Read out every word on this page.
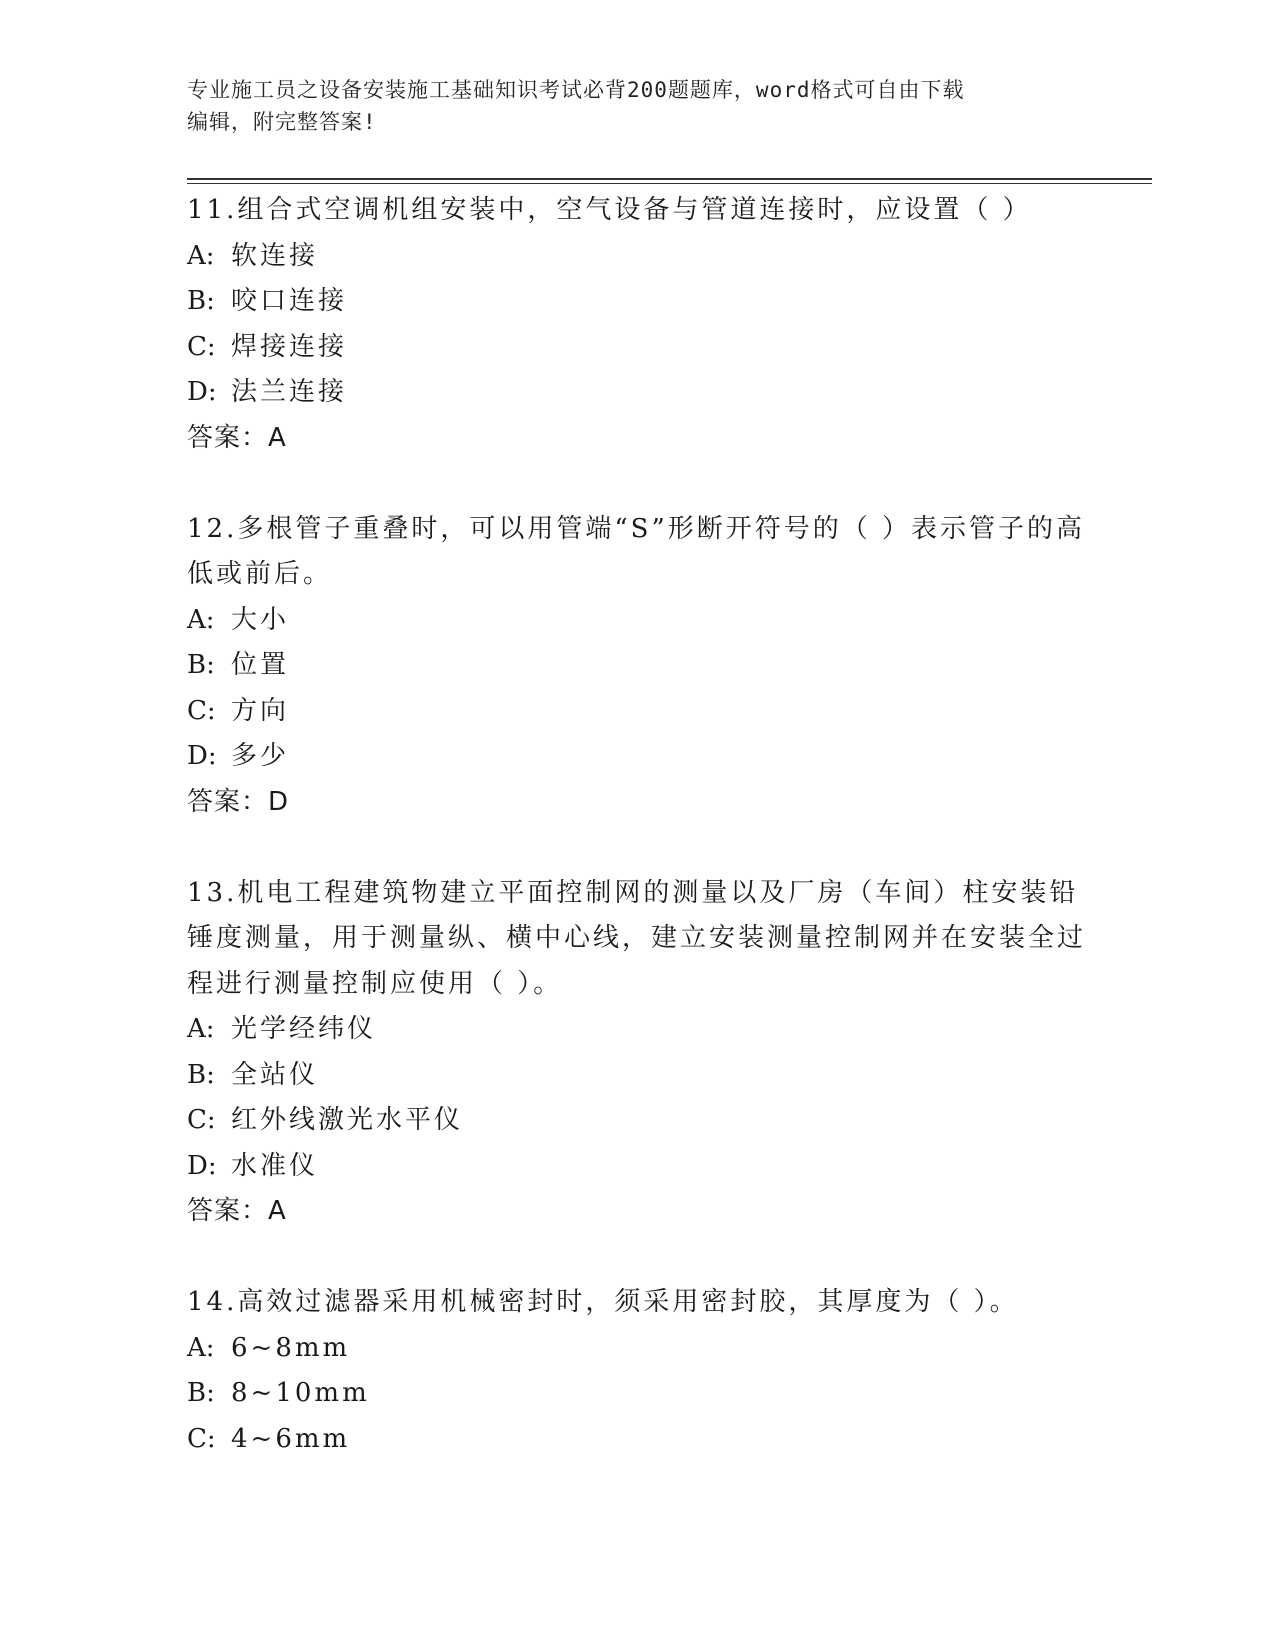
专业施工员之设备安装施工基础知识考试必背200题题库，word格式可自由下载
编辑，附完整答案!

11.组合式空调机组安装中，空气设备与管道连接时，应设置（ ）

A: 软连接

B: 咬口连接

C: 焊接连接

D: 法兰连接

答案：A

12.多根管子重叠时，可以用管端“S”形断开符号的（ ）表示管子的高低或前后。

A: 大小

B: 位置

C: 方向

D: 多少

答案：D

13.机电工程建筑物建立平面控制网的测量以及厂房（车间）柱安装铅锤度测量，用于测量纵、横中心线，建立安装测量控制网并在安装全过程进行测量控制应使用（ ）。

A: 光学经纬仪

B: 全站仪

C: 红外线激光水平仪

D: 水准仪

答案：A

14.高效过滤器采用机械密封时，须采用密封胶，其厚度为（ ）。

A: 6~8mm

B: 8~10mm

C: 4~6mm
